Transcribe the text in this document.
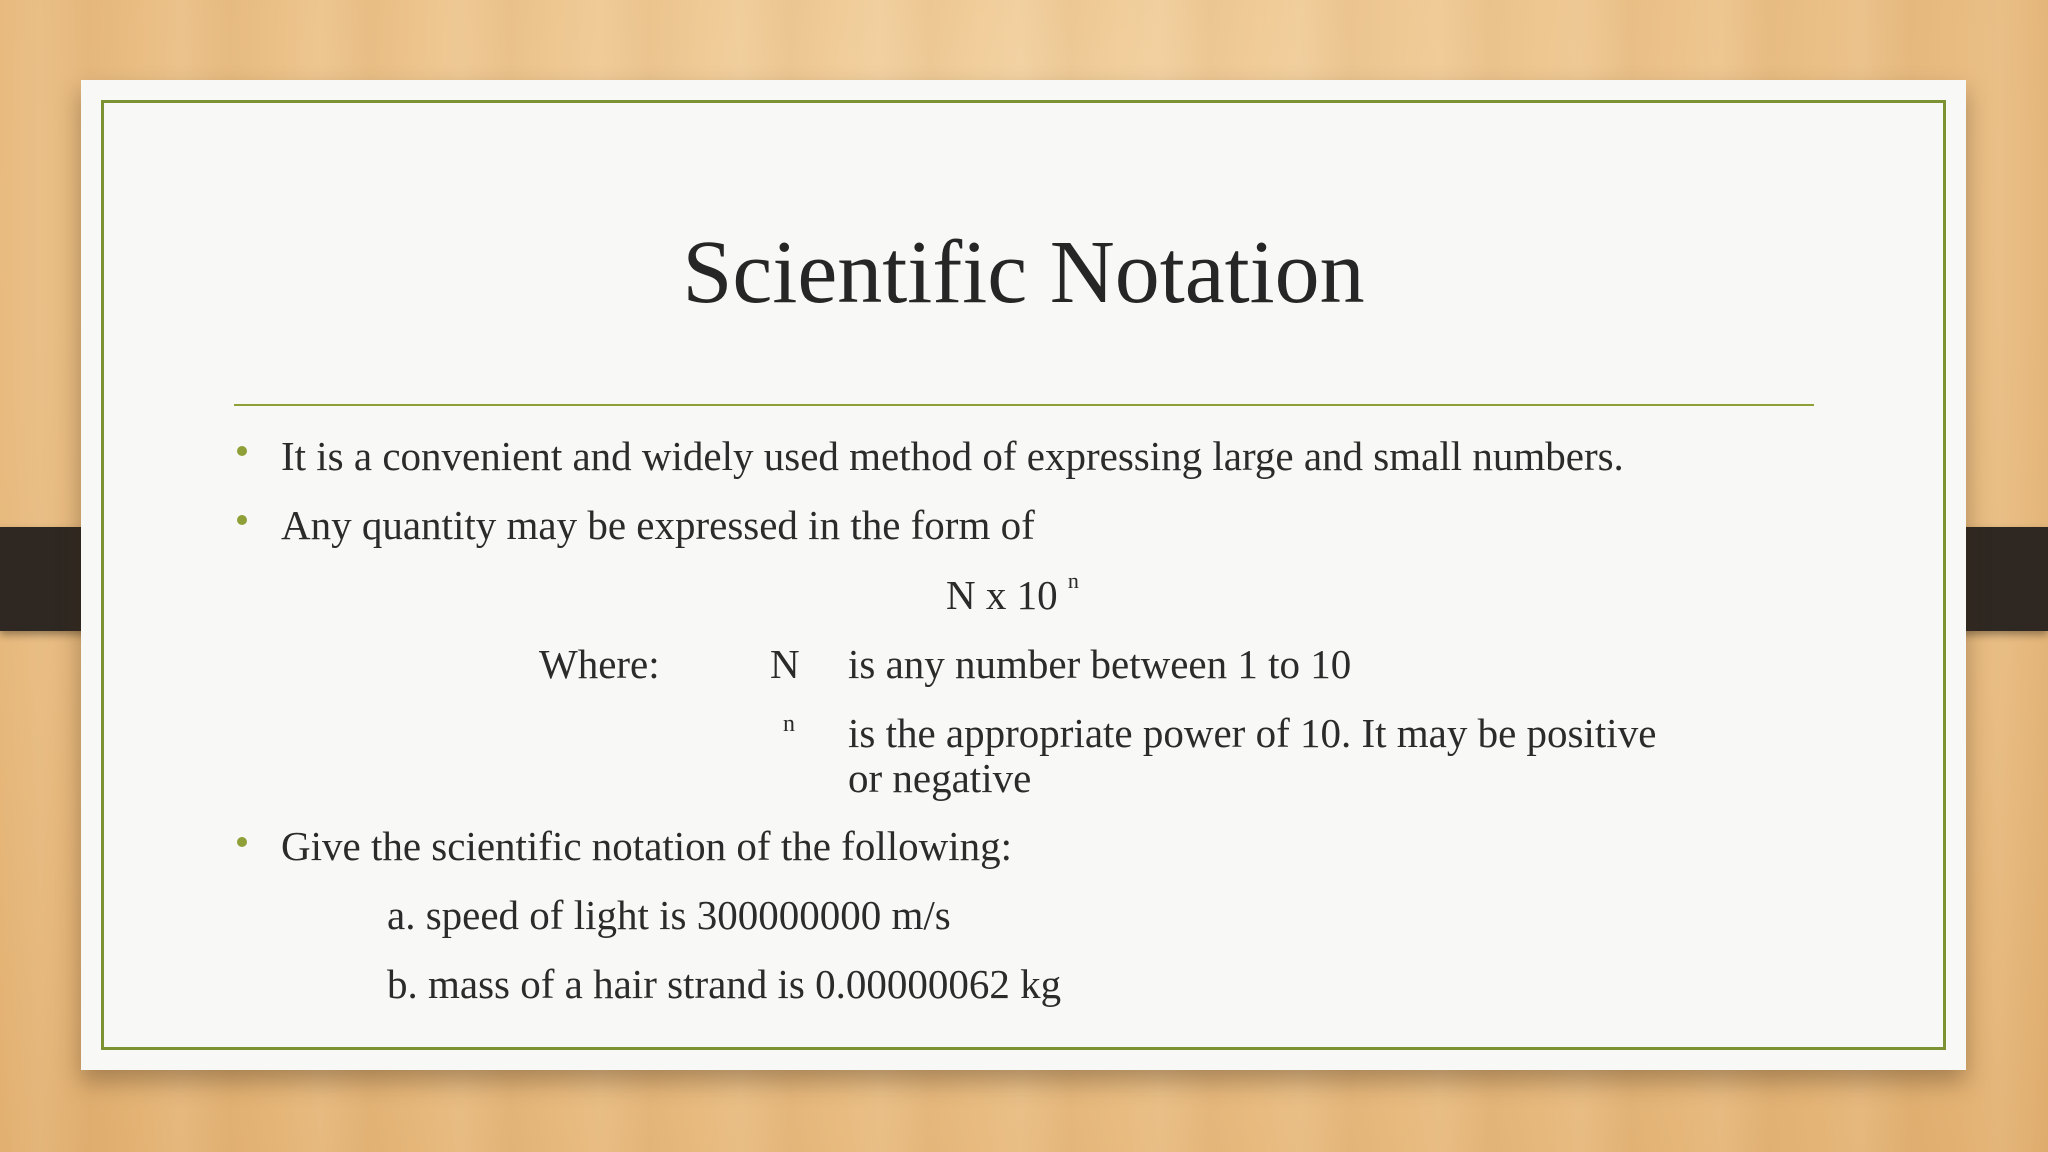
Scientific Notation
It is a convenient and widely used method of expressing large and small numbers.
Any quantity may be expressed in the form of
N x 10 $^n$
Where:	N is any number between 1 to 10
n is the appropriate power of 10. It may be positive
or negative
Give the scientific notation of the following:
a. speed of light is 300000000 m/s
b. mass of a hair strand is 0.00000062 kg
